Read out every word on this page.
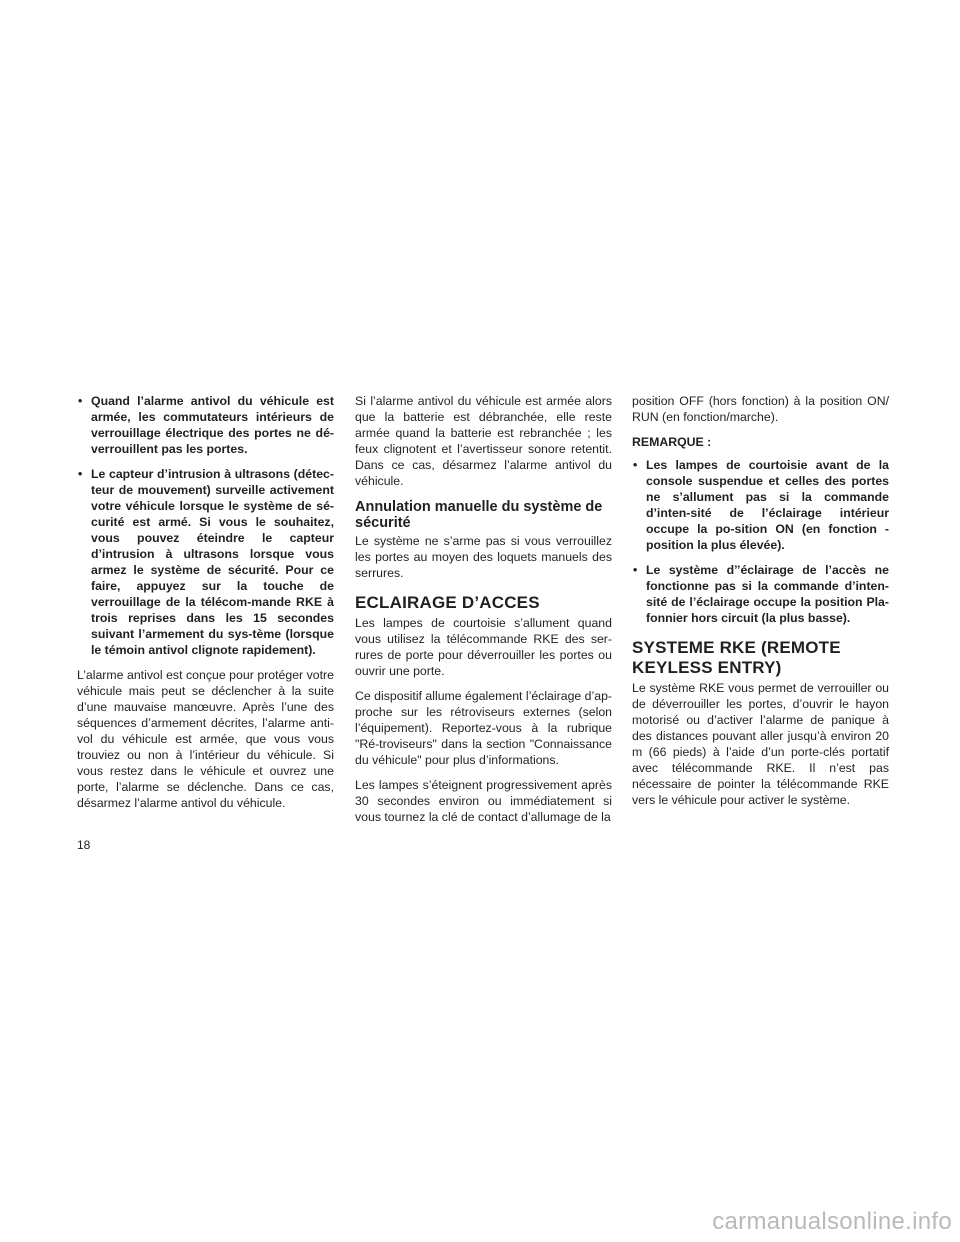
• Quand l’alarme antivol du véhicule est armée, les commutateurs intérieurs de verrouillage électrique des portes ne dé-verrouillent pas les portes.
• Le capteur d’intrusion à ultrasons (détec-teur de mouvement) surveille activement votre véhicule lorsque le système de sé-curité est armé. Si vous le souhaitez, vous pouvez éteindre le capteur d’intrusion à ultrasons lorsque vous armez le système de sécurité. Pour ce faire, appuyez sur la touche de verrouillage de la télécom-mande RKE à trois reprises dans les 15 secondes suivant l’armement du sys-tème (lorsque le témoin antivol clignote rapidement).

L’alarme antivol est conçue pour protéger votre véhicule mais peut se déclencher à la suite d’une mauvaise manœuvre. Après l’une des séquences d’armement décrites, l’alarme anti-vol du véhicule est armée, que vous vous trouviez ou non à l’intérieur du véhicule. Si vous restez dans le véhicule et ouvrez une porte, l’alarme se déclenche. Dans ce cas, désarmez l’alarme antivol du véhicule.

Si l’alarme antivol du véhicule est armée alors que la batterie est débranchée, elle reste armée quand la batterie est rebranchée ; les feux clignotent et l’avertisseur sonore retentit. Dans ce cas, désarmez l’alarme antivol du véhicule.

Annulation manuelle du système de sécurité

Le système ne s’arme pas si vous verrouillez les portes au moyen des loquets manuels des serrures.

ECLAIRAGE D’ACCES

Les lampes de courtoisie s’allument quand vous utilisez la télécommande RKE des ser-rures de porte pour déverrouiller les portes ou ouvrir une porte.

Ce dispositif allume également l’éclairage d’ap-proche sur les rétroviseurs externes (selon l’équipement). Reportez-vous à la rubrique "Ré-troviseurs" dans la section "Connaissance du véhicule" pour plus d’informations.

Les lampes s’éteignent progressivement après 30 secondes environ ou immédiatement si vous tournez la clé de contact d’allumage de la

position OFF (hors fonction) à la position ON/ RUN (en fonction/marche).

REMARQUE :

• Les lampes de courtoisie avant de la console suspendue et celles des portes ne s’allument pas si la commande d’inten-sité de l’éclairage intérieur occupe la po-sition ON (en fonction - position la plus élevée).
• Le système d’’éclairage de l’accès ne fonctionne pas si la commande d’inten-sité de l’éclairage occupe la position Pla-fonnier hors circuit (la plus basse).
SYSTEME RKE (REMOTE KEYLESS ENTRY)

Le système RKE vous permet de verrouiller ou de déverrouiller les portes, d’ouvrir le hayon motorisé ou d’activer l’alarme de panique à des distances pouvant aller jusqu’à environ 20 m (66 pieds) à l’aide d’un porte-clés portatif avec télécommande RKE. Il n’est pas nécessaire de pointer la télécommande RKE vers le véhicule pour activer le système.

18
carmanualsonline.info
